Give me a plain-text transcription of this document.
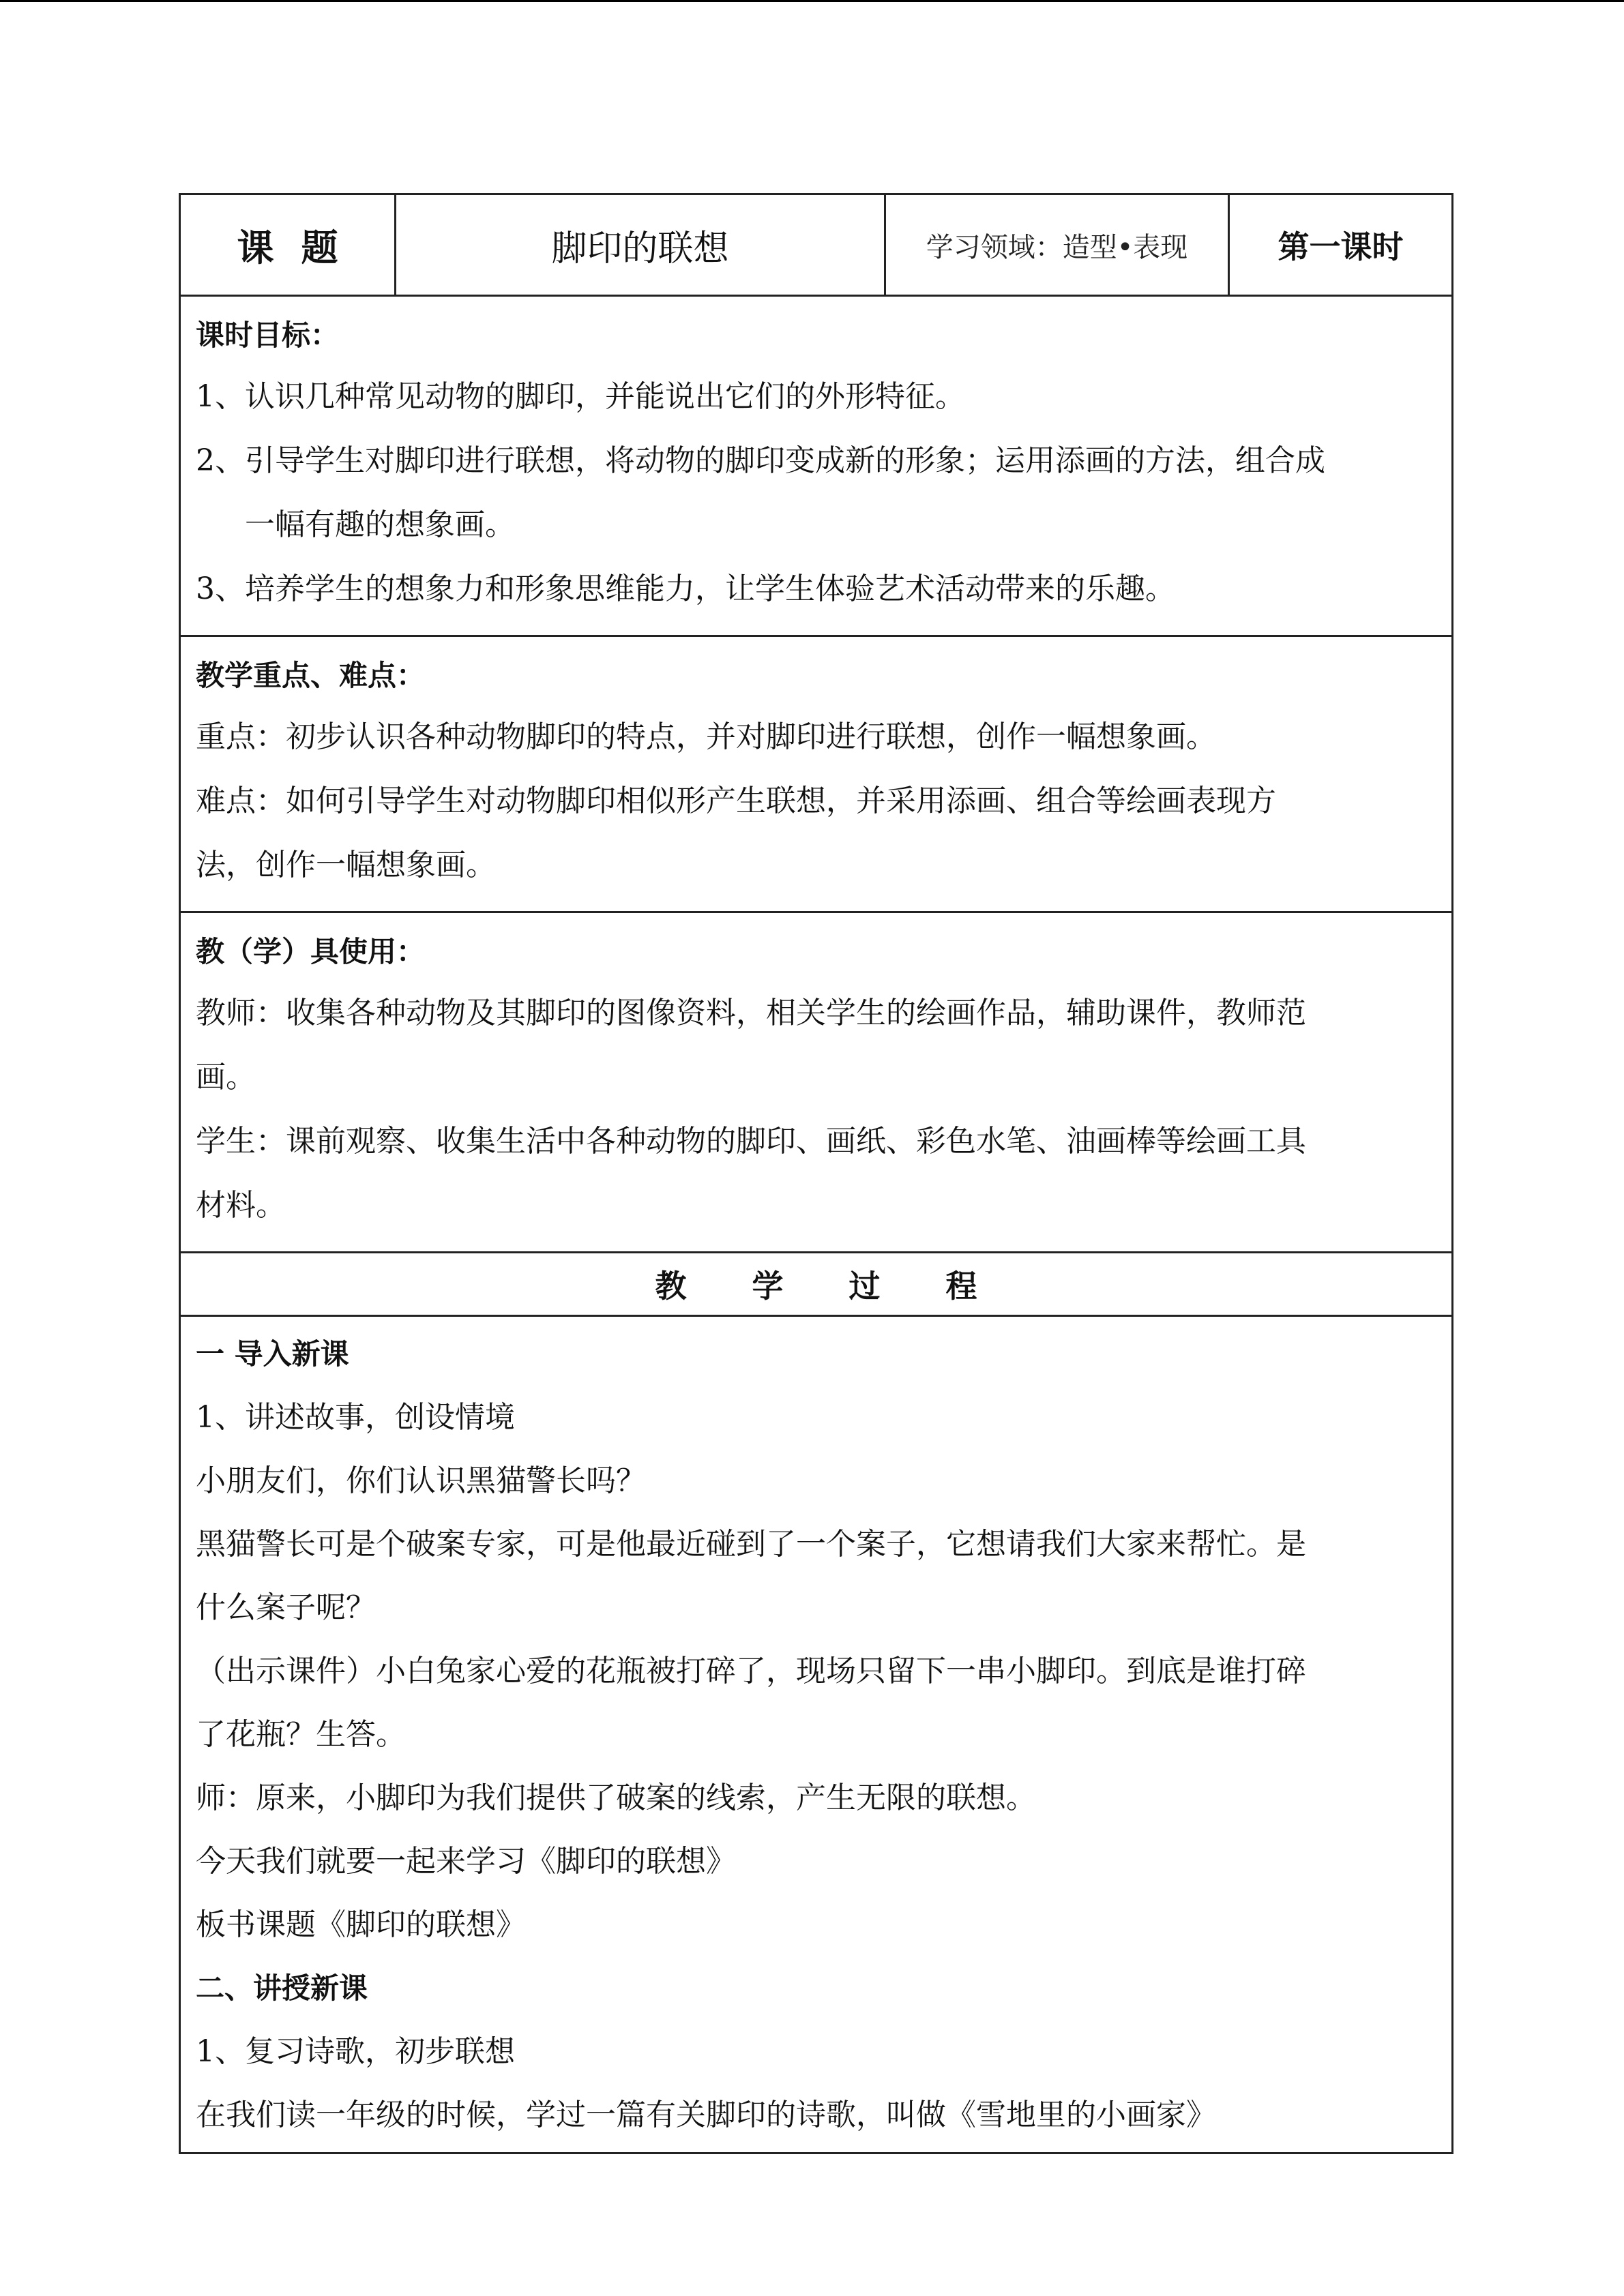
课题	脚印的联想	学习领域：造型•表现	第一课时

课时目标：
1、认识几种常见动物的脚印，并能说出它们的外形特征。
2、引导学生对脚印进行联想，将动物的脚印变成新的形象；运用添画的方法，组合成
一幅有趣的想象画。
3、培养学生的想象力和形象思维能力，让学生体验艺术活动带来的乐趣。

教学重点、难点：
重点：初步认识各种动物脚印的特点，并对脚印进行联想，创作一幅想象画。
难点：如何引导学生对动物脚印相似形产生联想，并采用添画、组合等绘画表现方
法，创作一幅想象画。

教（学）具使用：
教师：收集各种动物及其脚印的图像资料，相关学生的绘画作品，辅助课件，教师范
画。
学生：课前观察、收集生活中各种动物的脚印、画纸、彩色水笔、油画棒等绘画工具
材料。

教学过程

一 导入新课
1、讲述故事，创设情境
小朋友们，你们认识黑猫警长吗？
黑猫警长可是个破案专家，可是他最近碰到了一个案子，它想请我们大家来帮忙。是
什么案子呢？
（出示课件）小白兔家心爱的花瓶被打碎了，现场只留下一串小脚印。到底是谁打碎
了花瓶？生答。
师：原来，小脚印为我们提供了破案的线索，产生无限的联想。
今天我们就要一起来学习《脚印的联想》
板书课题《脚印的联想》
二、讲授新课
1、复习诗歌，初步联想
在我们读一年级的时候，学过一篇有关脚印的诗歌，叫做《雪地里的小画家》
